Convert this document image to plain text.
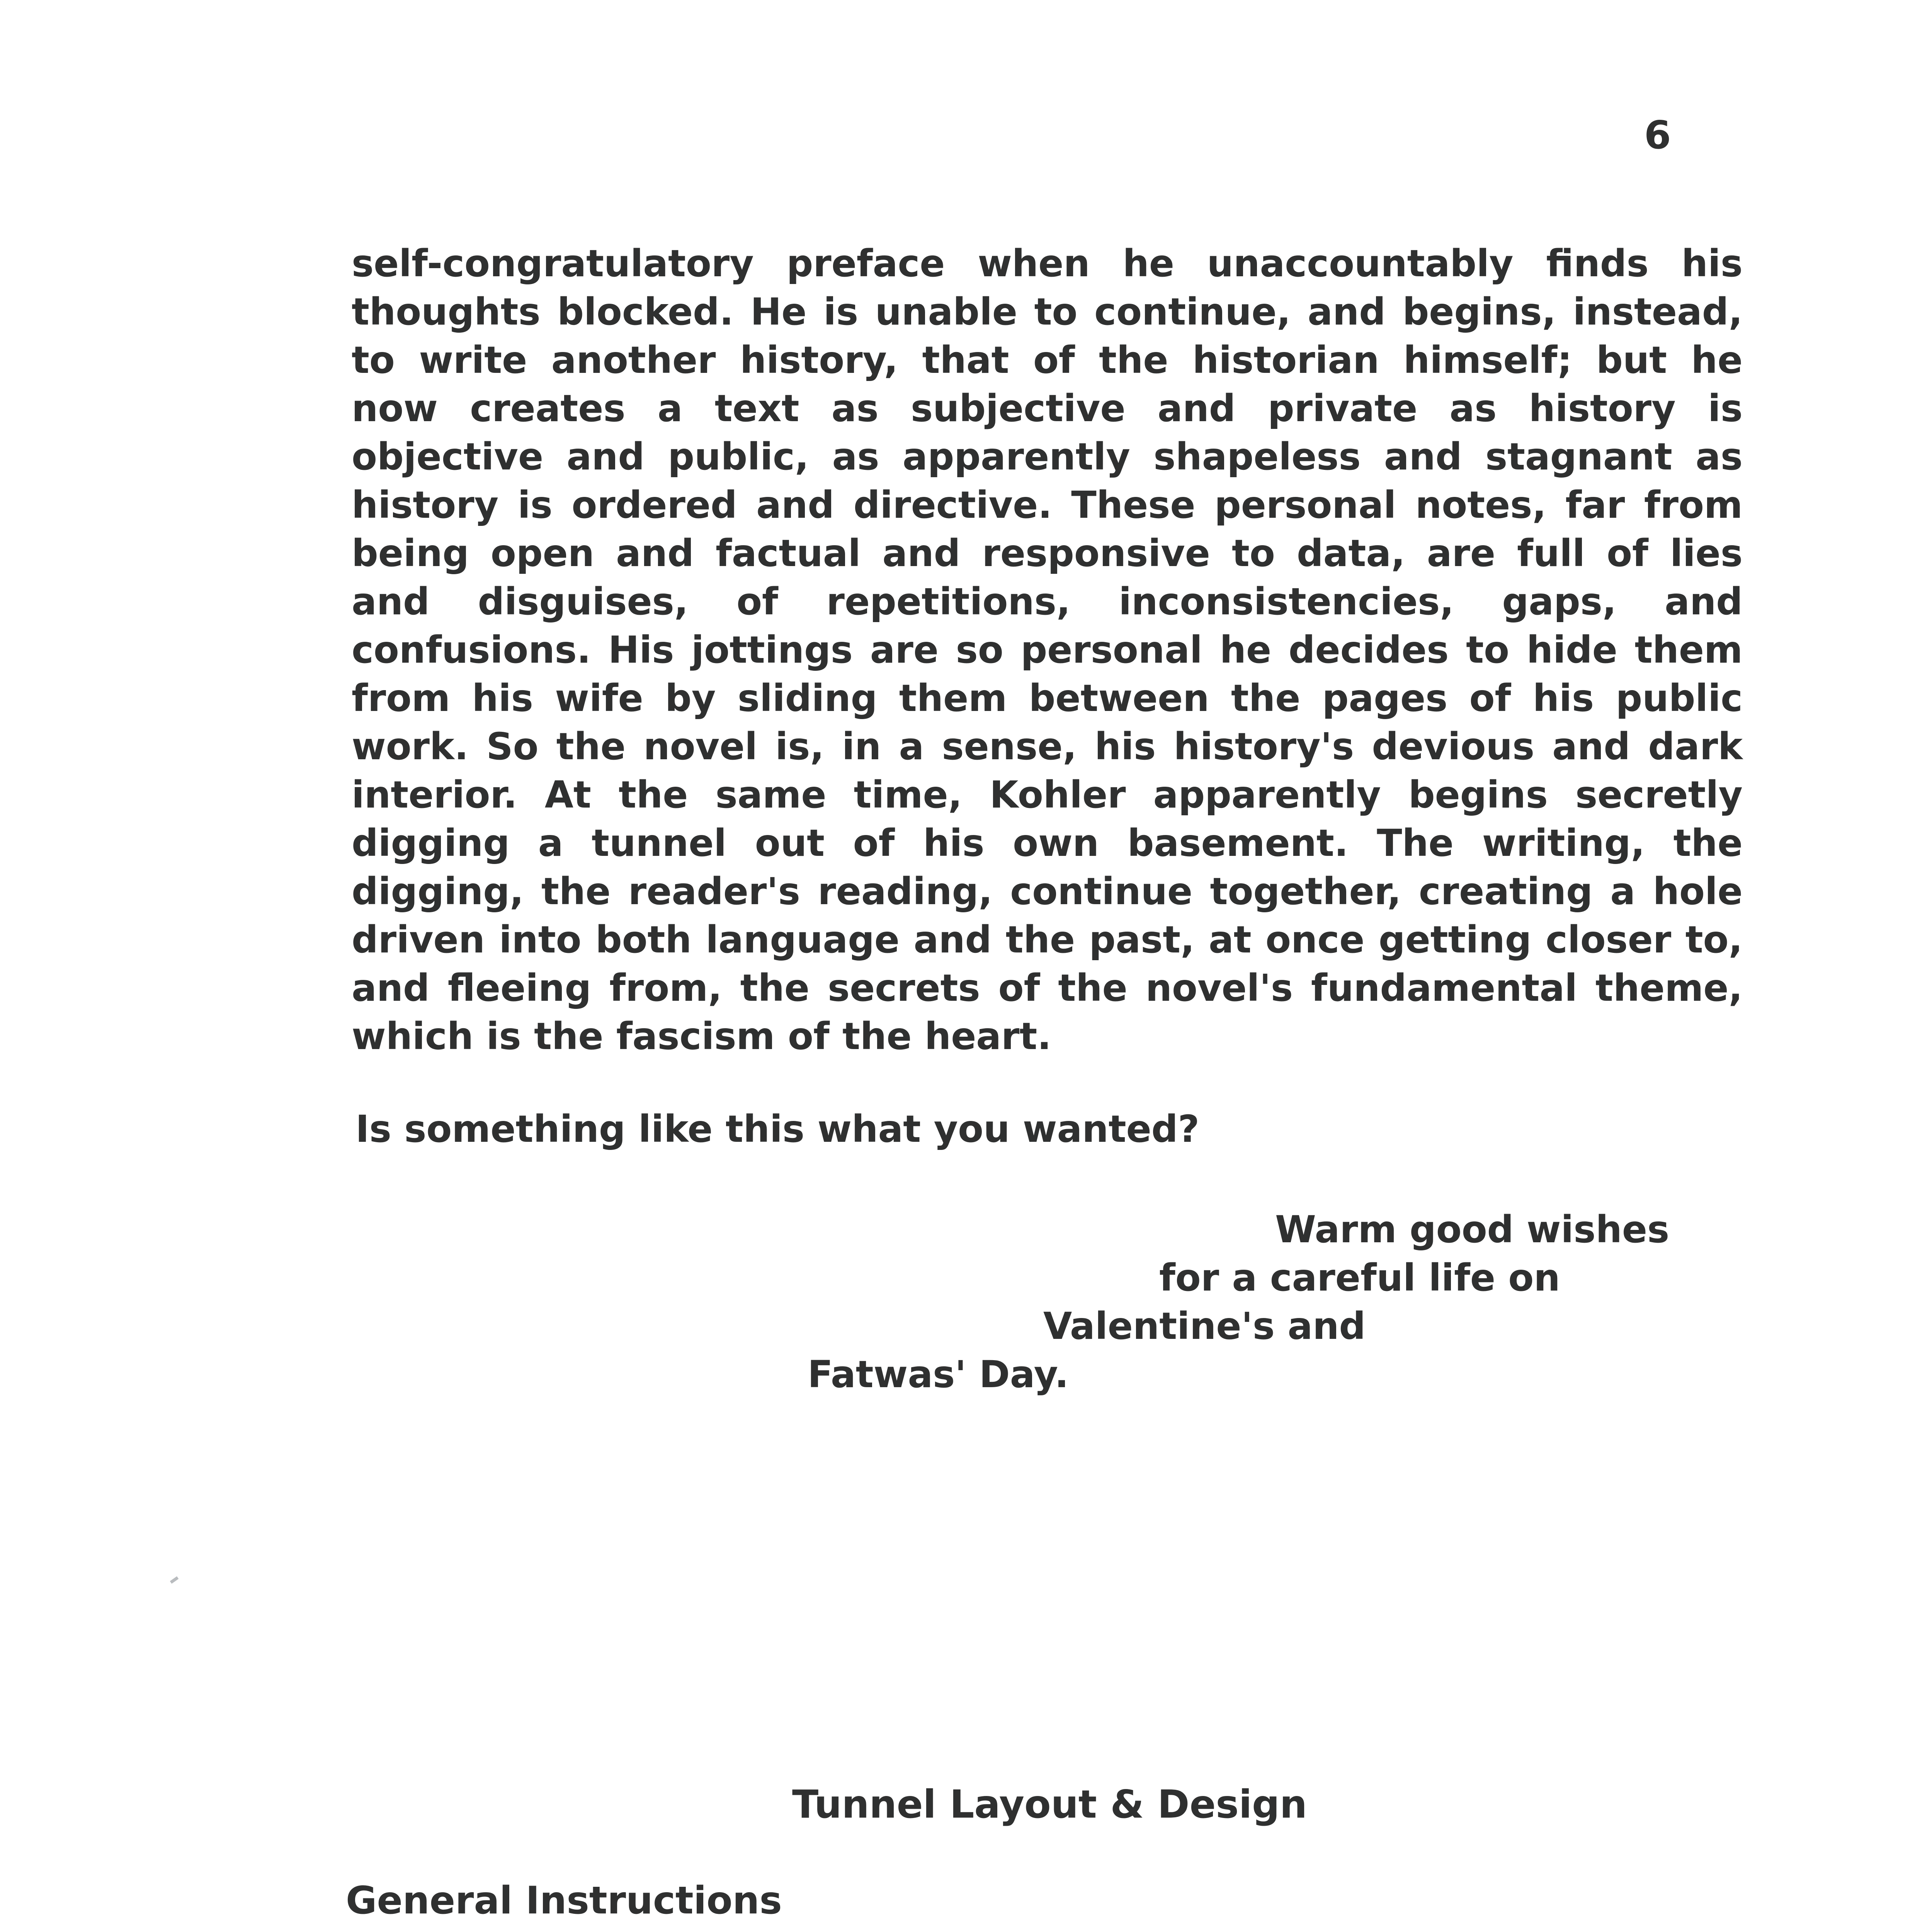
6
self-congratulatory preface when he unaccountably finds his
thoughts blocked. He is unable to continue, and begins, instead,
to write another history, that of the historian himself; but he
now creates a text as subjective and private as history is
objective and public, as apparently shapeless and stagnant as
history is ordered and directive. These personal notes, far from
being open and factual and responsive to data, are full of lies
and disguises, of repetitions, inconsistencies, gaps, and
confusions. His jottings are so personal he decides to hide them
from his wife by sliding them between the pages of his public
work. So the novel is, in a sense, his history's devious and dark
interior. At the same time, Kohler apparently begins secretly
digging a tunnel out of his own basement. The writing, the
digging, the reader's reading, continue together, creating a hole
driven into both language and the past, at once getting closer to,
and fleeing from, the secrets of the novel's fundamental theme,
which is the fascism of the heart.
Is something like this what you wanted?
Warm good wishes
for a careful life on
Valentine's and
Fatwas' Day.
Tunnel Layout & Design
General Instructions
